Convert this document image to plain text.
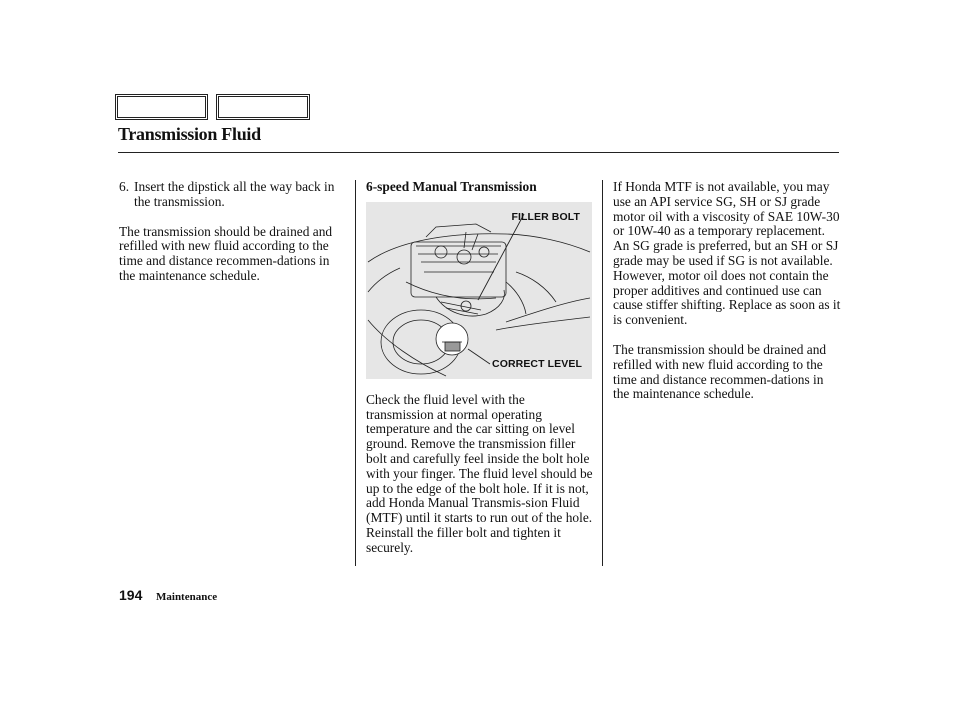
Transmission Fluid
6. Insert the dipstick all the way back in the transmission.

The transmission should be drained and refilled with new fluid according to the time and distance recommen-dations in the maintenance schedule.

6-speed Manual Transmission
FILLER BOLT
CORRECT LEVEL

Check the fluid level with the transmission at normal operating temperature and the car sitting on level ground. Remove the transmission filler bolt and carefully feel inside the bolt hole with your finger. The fluid level should be up to the edge of the bolt hole. If it is not, add Honda Manual Transmis-sion Fluid (MTF) until it starts to run out of the hole. Reinstall the filler bolt and tighten it securely.

If Honda MTF is not available, you may use an API service SG, SH or SJ grade motor oil with a viscosity of SAE 10W-30 or 10W-40 as a temporary replacement. An SG grade is preferred, but an SH or SJ grade may be used if SG is not available. However, motor oil does not contain the proper additives and continued use can cause stiffer shifting. Replace as soon as it is convenient.

The transmission should be drained and refilled with new fluid according to the time and distance recommen-dations in the maintenance schedule.

194 Maintenance
